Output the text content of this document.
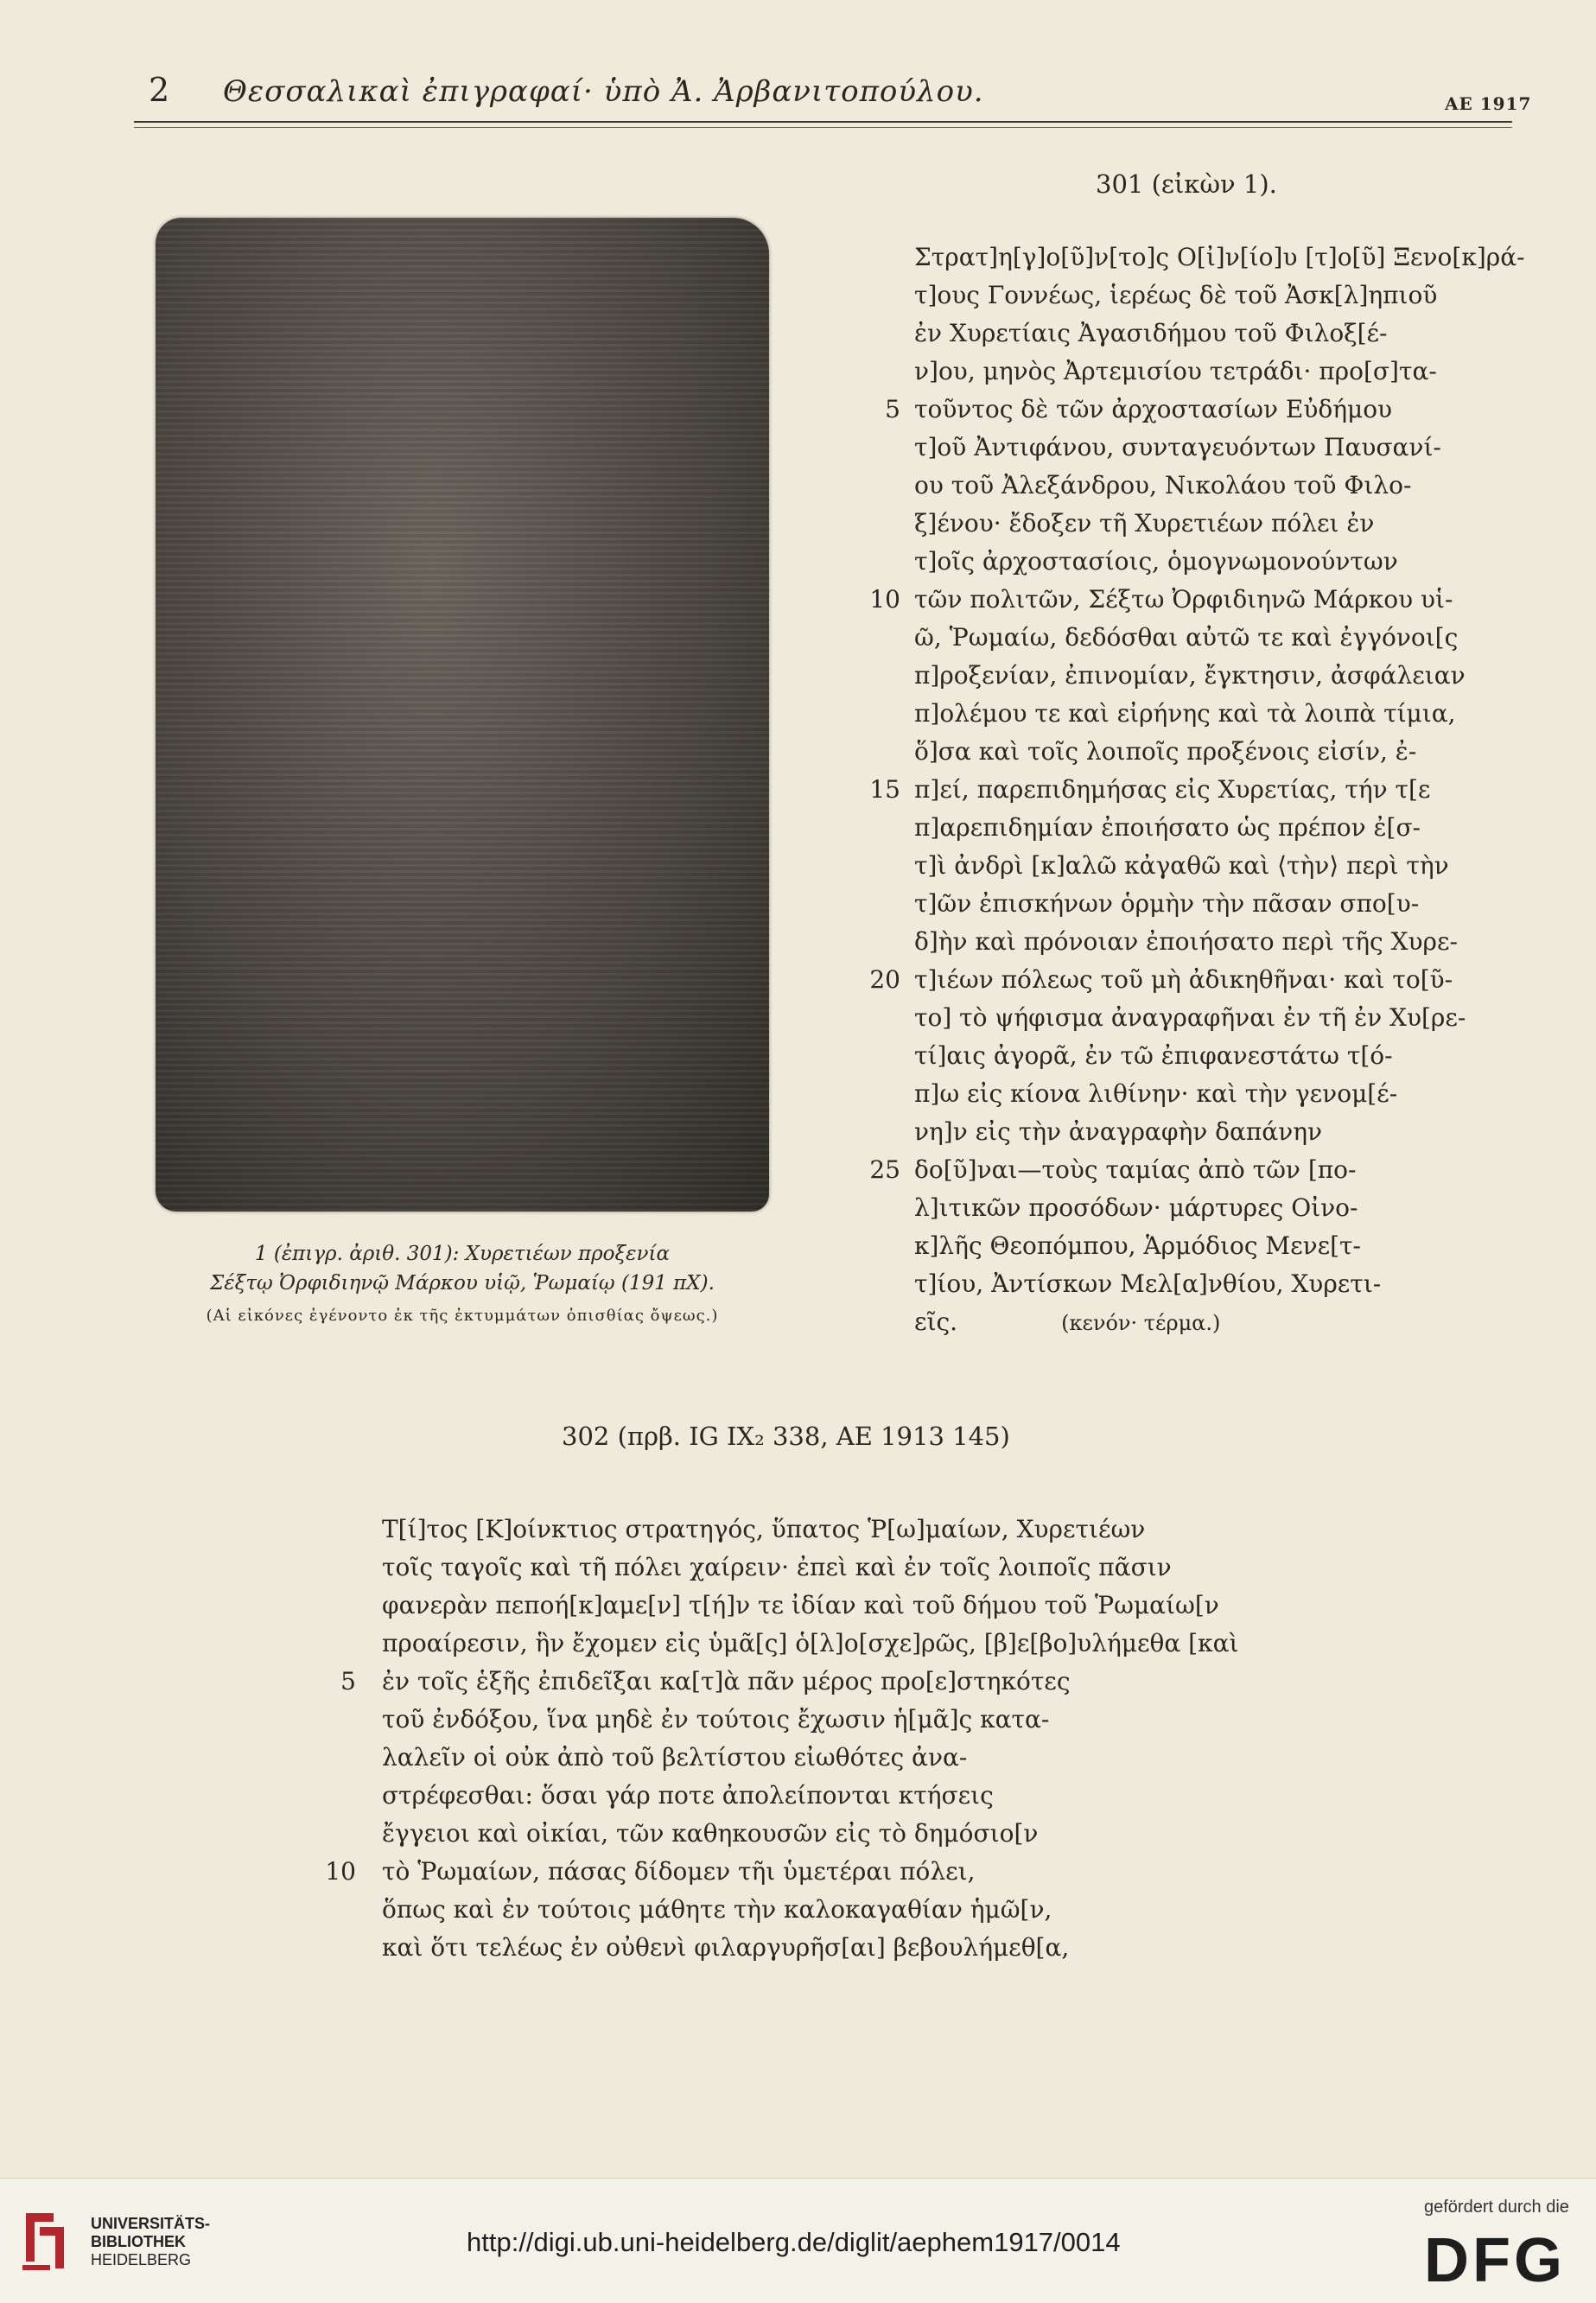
2 Θεσσαλικαὶ ἐπιγραφαί· ὑπὸ Ἀ. Ἀρβανιτοπούλου.	ΑΕ 1917
1 (ἐπιγρ. ἀριθ. 301): Χυρετιέων προξενία
Σέξτῳ Ὀρφιδιηνῷ Μάρκου υἱῷ, Ῥωμαίῳ (191 πΧ).
(Αἱ εἰκόνες ἐγένοντο ἐκ τῆς ἐκτυμμάτων ὀπισθίας ὄψεως.)
301 (εἰκὼν 1).
Στρατ]η[γ]ο[ῦ]ν[το]ς Ο[ἰ]ν[ίο]υ [τ]ο[ῦ] Ξενο[κ]ρά-
τ]ους Γοννέως, ἱερέως δὲ τοῦ Ἀσκ[λ]ηπιοῦ
ἐν Χυρετίαις Ἀγασιδήμου τοῦ Φιλοξ[έ-
ν]ου, μηνὸς Ἀρτεμισίου τετράδι· προ[σ]τα-
5 τοῦντος δὲ τῶν ἀρχοστασίων Εὐδήμου
τ]οῦ Ἀντιφάνου, συνταγευόντων Παυσανί-
ου τοῦ Ἀλεξάνδρου, Νικολάου τοῦ Φιλο-
ξ]ένου· ἔδοξεν τῆ Χυρετιέων πόλει ἐν
τ]οῖς ἀρχοστασίοις, ὁμογνωμονούντων
10 τῶν πολιτῶν, Σέξτω Ὀρφιδιηνῶ Μάρκου υἱ-
ῶ, Ῥωμαίω, δεδόσθαι αὐτῶ τε καὶ ἐγγόνοι[ς
π]ροξενίαν, ἐπινομίαν, ἔγκτησιν, ἀσφάλειαν
π]ολέμου τε καὶ εἰρήνης καὶ τὰ λοιπὰ τίμια,
ὅ]σα καὶ τοῖς λοιποῖς προξένοις εἰσίν, ἐ-
15 π]εί, παρεπιδημήσας εἰς Χυρετίας, τήν τ[ε
π]αρεπιδημίαν ἐποιήσατο ὡς πρέπον ἐ[σ-
τ]ὶ ἀνδρὶ [κ]αλῶ κἀγαθῶ καὶ ⟨τὴν⟩ περὶ τὴν
τ]ῶν ἐπισκήνων ὁρμὴν τὴν πᾶσαν σπο[υ-
δ]ὴν καὶ πρόνοιαν ἐποιήσατο περὶ τῆς Χυρε-
20 τ]ιέων πόλεως τοῦ μὴ ἀδικηθῆναι· καὶ το[ῦ-
το] τὸ ψήφισμα ἀναγραφῆναι ἐν τῆ ἐν Χυ[ρε-
τί]αις ἀγορᾶ, ἐν τῶ ἐπιφανεστάτω τ[ό-
π]ω εἰς κίονα λιθίνην· καὶ τὴν γενομ[έ-
νη]ν εἰς τὴν ἀναγραφὴν δαπάνην
25 δο[ῦ]ναι—τοὺς ταμίας ἀπὸ τῶν [πο-
λ]ιτικῶν προσόδων· μάρτυρες Οἰνο-
κ]λῆς Θεοπόμπου, Ἁρμόδιος Μενε[τ-
τ]ίου, Ἀντίσκων Μελ[α]νθίου, Χυρετι-
εῖς.	(κενόν· τέρμα.)
302 (πρβ. IG IX₂ 338, ΑΕ 1913 145)
Τ[ί]τος [Κ]οίνκτιος στρατηγός, ὕπατος Ῥ[ω]μαίων, Χυρετιέων
τοῖς ταγοῖς καὶ τῆ πόλει χαίρειν· ἐπεὶ καὶ ἐν τοῖς λοιποῖς πᾶσιν
φανερὰν πεποή[κ]αμε[ν] τ[ή]ν τε ἰδίαν καὶ τοῦ δήμου τοῦ Ῥωμαίω[ν
προαίρεσιν, ἣν ἔχομεν εἰς ὑμᾶ[ς] ὁ[λ]ο[σχε]ρῶς, [β]ε[βο]υλήμεθα [καὶ
5 ἐν τοῖς ἑξῆς ἐπιδεῖξαι κα[τ]ὰ πᾶν μέρος προ[ε]στηκότες
τοῦ ἐνδόξου, ἵνα μηδὲ ἐν τούτοις ἔχωσιν ἡ[μᾶ]ς κατα-
λαλεῖν οἱ οὐκ ἀπὸ τοῦ βελτίστου εἰωθότες ἀνα-
στρέφεσθαι: ὅσαι γάρ ποτε ἀπολείπονται κτήσεις
ἔγγειοι καὶ οἰκίαι, τῶν καθηκουσῶν εἰς τὸ δημόσιο[ν
10 τὸ Ῥωμαίων, πάσας δίδομεν τῆι ὑμετέραι πόλει,
ὅπως καὶ ἐν τούτοις μάθητε τὴν καλοκαγαθίαν ἡμῶ[ν,
καὶ ὅτι τελέως ἐν οὐθενὶ φιλαργυρῆσ[αι] βεβουλήμεθ[α,
UNIVERSITÄTS-
BIBLIOTHEK
HEIDELBERG
http://digi.ub.uni-heidelberg.de/diglit/aephem1917/0014
gefördert durch die
DFG
